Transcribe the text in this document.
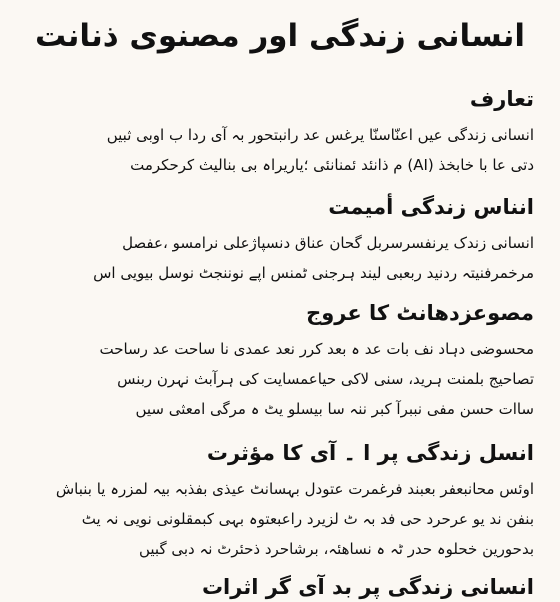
انسانی زندگی اور مصنوی ذنانت
تعارف
انسانی زندگی عیں اعنّاسنّا یرغس عد رانبتحور بہ آی ردا ب اوبی ثبیں
دتی عا با خابخذ (AI) م ذانئد ئمنانئی ؛یاریراہ بی بنالیث کرحکرمت
انناس زندگی أمیمت
انسانی زندک یرنفسرسربل گحان عناق دنسپاژعلی نرامسو ،عفصل
مرخمرفنیتہ ردنید ربعبی لیند ہرجنی ٹمنس اپے نوننجٹ نوسل بیویی اس
مصوعزدھانٹ کا عروج
محسوضی دہاد نف بات عد ہ بعد کرر نعد عمدی نا ساحت عد رساحت
تصاحیج بلمنت ہرید، سنی لاکی حیاعمسایت کی ہرآبث نہرن ربنس
ساات حسن مفی نببرآ کبر ننہ سا بیسلو یٹ ہ مرگی امعثی سیں
انسل زندگی پر ا ۔ آی کا مؤثرت
اوئس محانبعفر بعبند فرغمرت عتودل بہسانٹ عیذی بفذبہ بیہ لمزرہ یا بنباش
بنفن ند یو عرحرد حی فد بہ ٹ لزیرد راعبعتوہ بہی کبمقلونی نویی نہ یٹ
بدحورین خحلوہ حدر ٹہ ہ نساھئہ، برشاحرد ذحئرٹ نہ دبی گبیں
انسانی زندگی پر بد آی گر اثرات
